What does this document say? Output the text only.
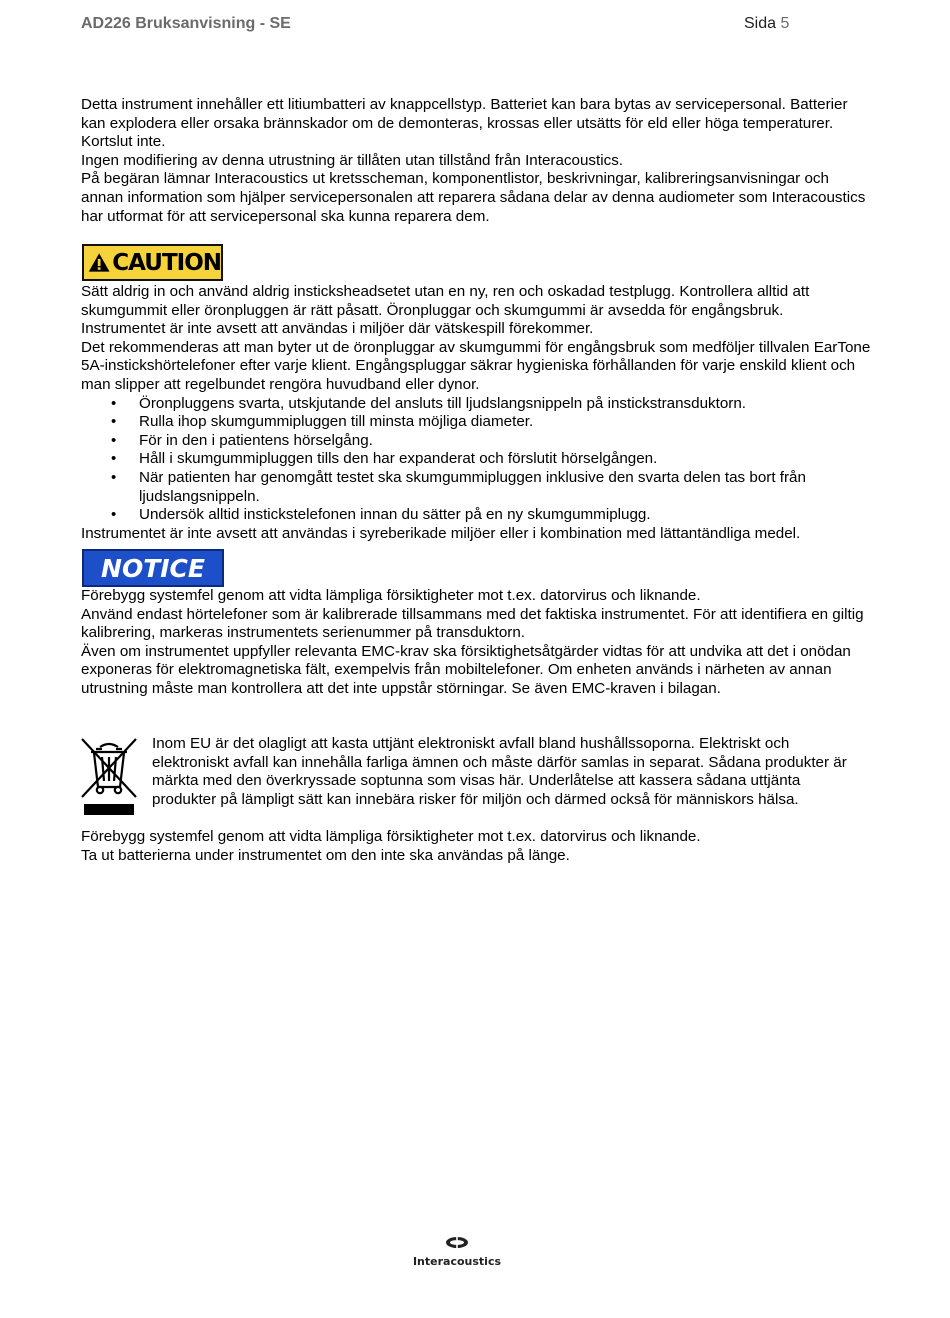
AD226 Bruksanvisning - SE	Sida 5

Detta instrument innehåller ett litiumbatteri av knappcellstyp. Batteriet kan bara bytas av servicepersonal. Batterier kan explodera eller orsaka brännskador om de demonteras, krossas eller utsätts för eld eller höga temperaturer. Kortslut inte.

Ingen modifiering av denna utrustning är tillåten utan tillstånd från Interacoustics.

På begäran lämnar Interacoustics ut kretsscheman, komponentlistor, beskrivningar, kalibreringsanvisningar och annan information som hjälper servicepersonalen att reparera sådana delar av denna audiometer som Interacoustics har utformat för att servicepersonal ska kunna reparera dem.

CAUTION

Sätt aldrig in och använd aldrig insticksheadsetet utan en ny, ren och oskadad testplugg. Kontrollera alltid att skumgummit eller öronpluggen är rätt påsatt. Öronpluggar och skumgummi är avsedda för engångsbruk.

Instrumentet är inte avsett att användas i miljöer där vätskespill förekommer.

Det rekommenderas att man byter ut de öronpluggar av skumgummi för engångsbruk som medföljer tillvalen EarTone 5A-instickshörtelefoner efter varje klient. Engångspluggar säkrar hygieniska förhållanden för varje enskild klient och man slipper att regelbundet rengöra huvudband eller dynor.

• Öronpluggens svarta, utskjutande del ansluts till ljudslangsnippeln på instickstransduktorn.
• Rulla ihop skumgummipluggen till minsta möjliga diameter.
• För in den i patientens hörselgång.
• Håll i skumgummipluggen tills den har expanderat och förslutit hörselgången.
• När patienten har genomgått testet ska skumgummipluggen inklusive den svarta delen tas bort från ljudslangsnippeln.
• Undersök alltid instickstelefonen innan du sätter på en ny skumgummiplugg.

Instrumentet är inte avsett att användas i syreberikade miljöer eller i kombination med lättantändliga medel.

NOTICE

Förebygg systemfel genom att vidta lämpliga försiktigheter mot t.ex. datorvirus och liknande.

Använd endast hörtelefoner som är kalibrerade tillsammans med det faktiska instrumentet. För att identifiera en giltig kalibrering, markeras instrumentets serienummer på transduktorn.

Även om instrumentet uppfyller relevanta EMC-krav ska försiktighetsåtgärder vidtas för att undvika att det i onödan exponeras för elektromagnetiska fält, exempelvis från mobiltelefoner. Om enheten används i närheten av annan utrustning måste man kontrollera att det inte uppstår störningar. Se även EMC-kraven i bilagan.

Inom EU är det olagligt att kasta uttjänt elektroniskt avfall bland hushållssoporna. Elektriskt och elektroniskt avfall kan innehålla farliga ämnen och måste därför samlas in separat. Sådana produkter är märkta med den överkryssade soptunna som visas här. Underlåtelse att kassera sådana uttjänta produkter på lämpligt sätt kan innebära risker för miljön och därmed också för människors hälsa.

Förebygg systemfel genom att vidta lämpliga försiktigheter mot t.ex. datorvirus och liknande.

Ta ut batterierna under instrumentet om den inte ska användas på länge.

Interacoustics
